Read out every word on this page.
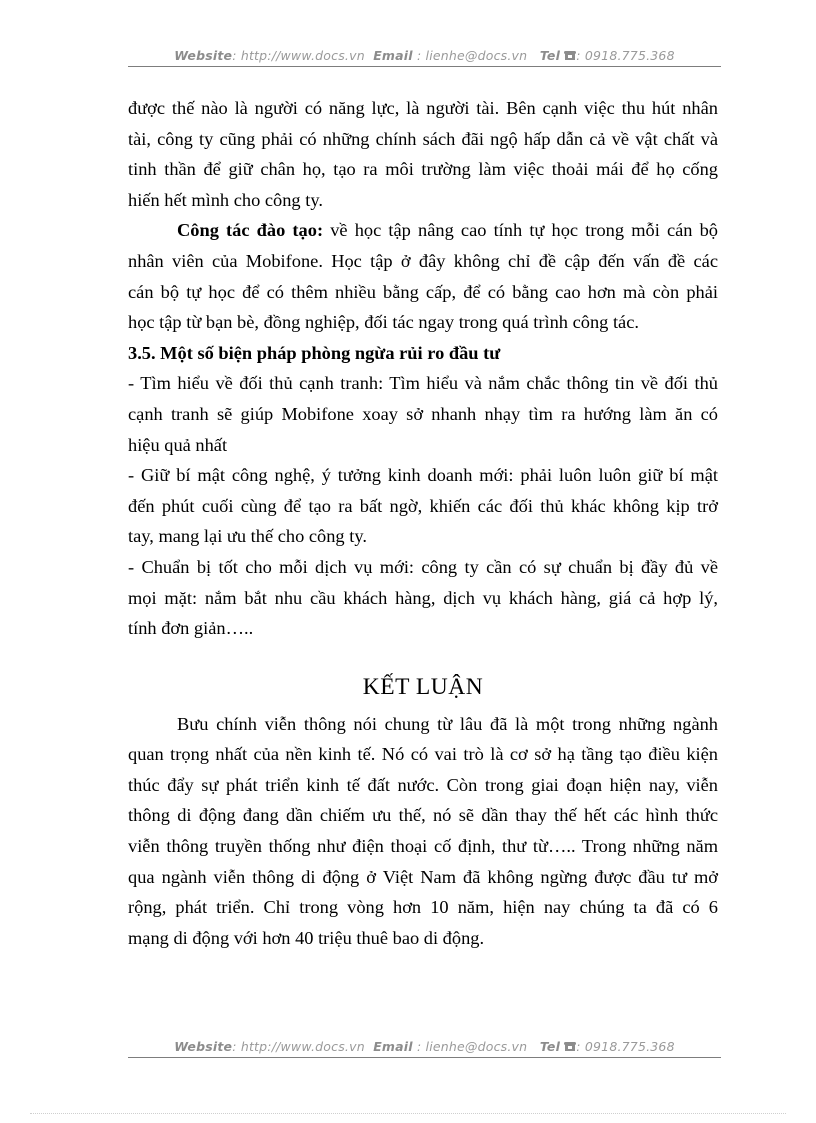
Website: http://www.docs.vn Email : lienhe@docs.vn Tel : 0918.775.368
được thế nào là người có năng lực, là người tài. Bên cạnh việc thu hút nhân
tài, công ty cũng phải có những chính sách đãi ngộ hấp dẫn cả về vật chất và
tinh thần để giữ chân họ, tạo ra môi trường làm việc thoải mái để họ cống
hiến hết mình cho công ty.
Công tác đào tạo: về học tập nâng cao tính tự học trong mỗi cán bộ
nhân viên của Mobifone. Học tập ở đây không chỉ đề cập đến vấn đề các
cán bộ tự học để có thêm nhiều bằng cấp, để có bằng cao hơn mà còn phải
học tập từ bạn bè, đồng nghiệp, đối tác ngay trong quá trình công tác.
3.5. Một số biện pháp phòng ngừa rủi ro đầu tư
- Tìm hiểu về đối thủ cạnh tranh: Tìm hiểu và nắm chắc thông tin về đối thủ
cạnh tranh sẽ giúp Mobifone xoay sở nhanh nhạy tìm ra hướng làm ăn có
hiệu quả nhất
- Giữ bí mật công nghệ, ý tưởng kinh doanh mới: phải luôn luôn giữ bí mật
đến phút cuối cùng để tạo ra bất ngờ, khiến các đối thủ khác không kịp trở
tay, mang lại ưu thế cho công ty.
- Chuẩn bị tốt cho mỗi dịch vụ mới: công ty cần có sự chuẩn bị đầy đủ về
mọi mặt: nắm bắt nhu cầu khách hàng, dịch vụ khách hàng, giá cả hợp lý,
tính đơn giản…..
KẾT LUẬN
Bưu chính viễn thông nói chung từ lâu đã là một trong những ngành
quan trọng nhất của nền kinh tế. Nó có vai trò là cơ sở hạ tầng tạo điều kiện
thúc đẩy sự phát triển kinh tế đất nước. Còn trong giai đoạn hiện nay, viễn
thông di động đang dần chiếm ưu thế, nó sẽ dần thay thế hết các hình thức
viễn thông truyền thống như điện thoại cố định, thư từ….. Trong những năm
qua ngành viễn thông di động ở Việt Nam đã không ngừng được đầu tư mở
rộng, phát triển. Chỉ trong vòng hơn 10 năm, hiện nay chúng ta đã có 6
mạng di động với hơn 40 triệu thuê bao di động.
Website: http://www.docs.vn Email : lienhe@docs.vn Tel : 0918.775.368
